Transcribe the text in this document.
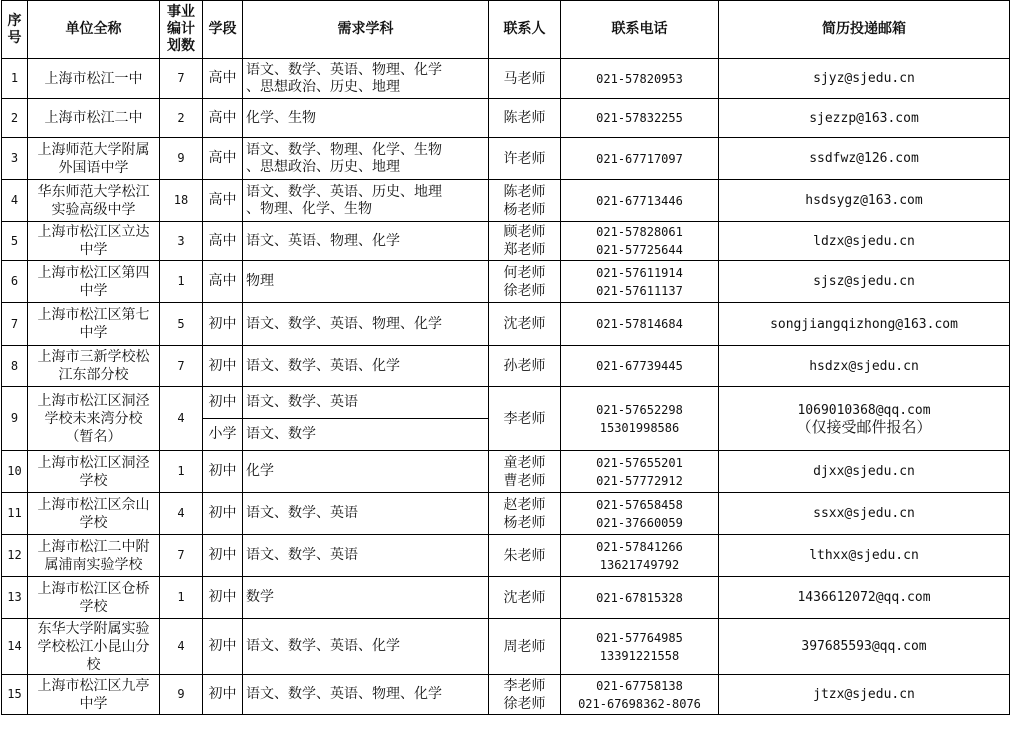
序
号	单位全称	事业
编计
划数	学段	需求学科	联系人	联系电话	简历投递邮箱
1	上海市松江一中	7	高中	语文、数学、英语、物理、化学
、思想政治、历史、地理	马老师	021-57820953	sjyz@sjedu.cn

2	上海市松江二中	2	高中	化学、生物	陈老师	021-57832255	sjezzp@163.com

3	上海师范大学附属
外国语中学	9	高中	语文、数学、物理、化学、生物
、思想政治、历史、地理	许老师	021-67717097	ssdfwz@126.com

4	华东师范大学松江
实验高级中学	18	高中	语文、数学、英语、历史、地理
、物理、化学、生物	陈老师
杨老师	021-67713446	hsdsygz@163.com

5	上海市松江区立达
中学	3	高中	语文、英语、物理、化学	顾老师
郑老师	021-57828061
021-57725644	ldzx@sjedu.cn

6	上海市松江区第四
中学	1	高中	物理	何老师
徐老师	021-57611914
021-57611137	sjsz@sjedu.cn

7	上海市松江区第七
中学	5	初中	语文、数学、英语、物理、化学	沈老师	021-57814684	songjiangqizhong@163.com

8	上海市三新学校松
江东部分校	7	初中	语文、数学、英语、化学	孙老师	021-67739445	hsdzx@sjedu.cn

9	上海市松江区洞泾
学校未来湾分校
（暂名）	4	初中	语文、数学、英语	李老师	021-57652298
15301998586	1069010368@qq.com
（仅接受邮件报名）

			小学	语文、数学			
10	上海市松江区洞泾
学校	1	初中	化学	童老师
曹老师	021-57655201
021-57772912	djxx@sjedu.cn

11	上海市松江区佘山
学校	4	初中	语文、数学、英语	赵老师
杨老师	021-57658458
021-37660059	ssxx@sjedu.cn

12	上海市松江二中附
属浦南实验学校	7	初中	语文、数学、英语	朱老师	021-57841266
13621749792	lthxx@sjedu.cn

13	上海市松江区仓桥
学校	1	初中	数学	沈老师	021-67815328	1436612072@qq.com

14	东华大学附属实验
学校松江小昆山分
校	4	初中	语文、数学、英语、化学	周老师	021-57764985
13391221558	397685593@qq.com

15	上海市松江区九亭
中学	9	初中	语文、数学、英语、物理、化学	李老师
徐老师	021-67758138
021-67698362-8076	jtzx@sjedu.cn
